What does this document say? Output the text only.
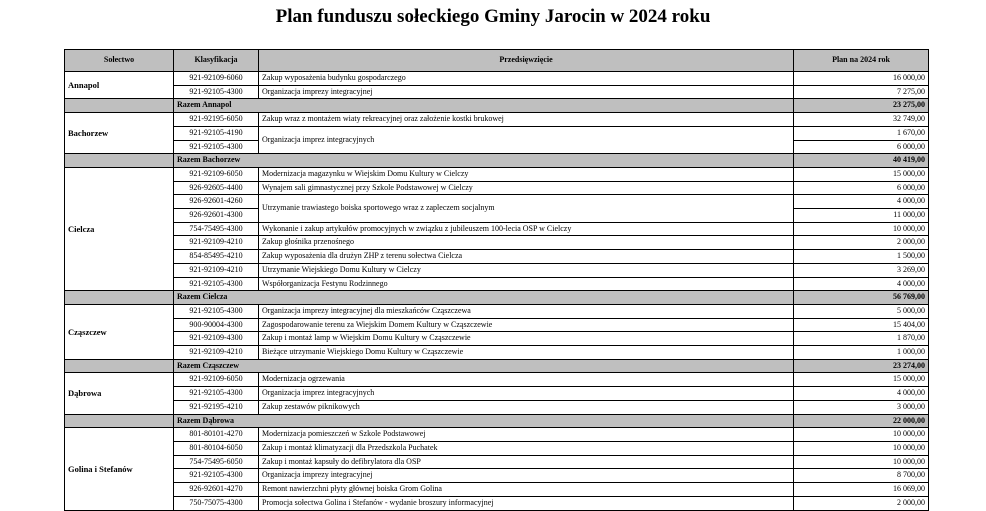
Plan funduszu sołeckiego Gminy Jarocin w 2024 roku
Sołectwo	Klasyfikacja	Przedsięwzięcie	Plan na 2024 rok
Annapol	921-92109-6060	Zakup wyposażenia budynku gospodarczego	16 000,00
	921-92105-4300	Organizacja imprezy integracyjnej	7 275,00
	Razem Annapol		23 275,00
Bachorzew	921-92195-6050	Zakup wraz z montażem wiaty rekreacyjnej oraz założenie kostki brukowej	32 749,00
	921-92105-4190	Organizacja imprez integracyjnych	1 670,00
	921-92105-4300		6 000,00
	Razem Bachorzew		40 419,00
Cielcza	921-92109-6050	Modernizacja magazynku w Wiejskim Domu Kultury w Cielczy	15 000,00
	926-92605-4400	Wynajem sali gimnastycznej przy Szkole Podstawowej w Cielczy	6 000,00
	926-92601-4260	Utrzymanie trawiastego boiska sportowego wraz z zapleczem socjalnym	4 000,00
	926-92601-4300		11 000,00
	754-75495-4300	Wykonanie i zakup artykułów promocyjnych w związku z jubileuszem 100-lecia OSP w Cielczy	10 000,00
	921-92109-4210	Zakup głośnika przenośnego	2 000,00
	854-85495-4210	Zakup wyposażenia dla drużyn ZHP z terenu sołectwa Cielcza	1 500,00
	921-92109-4210	Utrzymanie Wiejskiego Domu Kultury w Cielczy	3 269,00
	921-92105-4300	Współorganizacja Festynu Rodzinnego	4 000,00
	Razem Cielcza		56 769,00
Cząszczew	921-92105-4300	Organizacja imprezy integracyjnej dla mieszkańców Cząszczewa	5 000,00
	900-90004-4300	Zagospodarowanie terenu za Wiejskim Domem Kultury w Cząszczewie	15 404,00
	921-92109-4300	Zakup i montaż lamp w Wiejskim Domu Kultury w Cząszczewie	1 870,00
	921-92109-4210	Bieżące utrzymanie Wiejskiego Domu Kultury w Cząszczewie	1 000,00
	Razem Cząszczew		23 274,00
Dąbrowa	921-92109-6050	Modernizacja ogrzewania	15 000,00
	921-92105-4300	Organizacja imprez integracyjnych	4 000,00
	921-92195-4210	Zakup zestawów piknikowych	3 000,00
	Razem Dąbrowa		22 000,00
Golina i Stefanów	801-80101-4270	Modernizacja pomieszczeń w Szkole Podstawowej	10 000,00
	801-80104-6050	Zakup i montaż klimatyzacji dla Przedszkola Puchatek	10 000,00
	754-75495-6050	Zakup i montaż kapsuły do defibrylatora dla OSP	10 000,00
	921-92105-4300	Organizacja imprezy integracyjnej	8 700,00
	926-92601-4270	Remont nawierzchni płyty głównej boiska Grom Golina	16 069,00
	750-75075-4300	Promocja sołectwa Golina i Stefanów - wydanie broszury informacyjnej	2 000,00
